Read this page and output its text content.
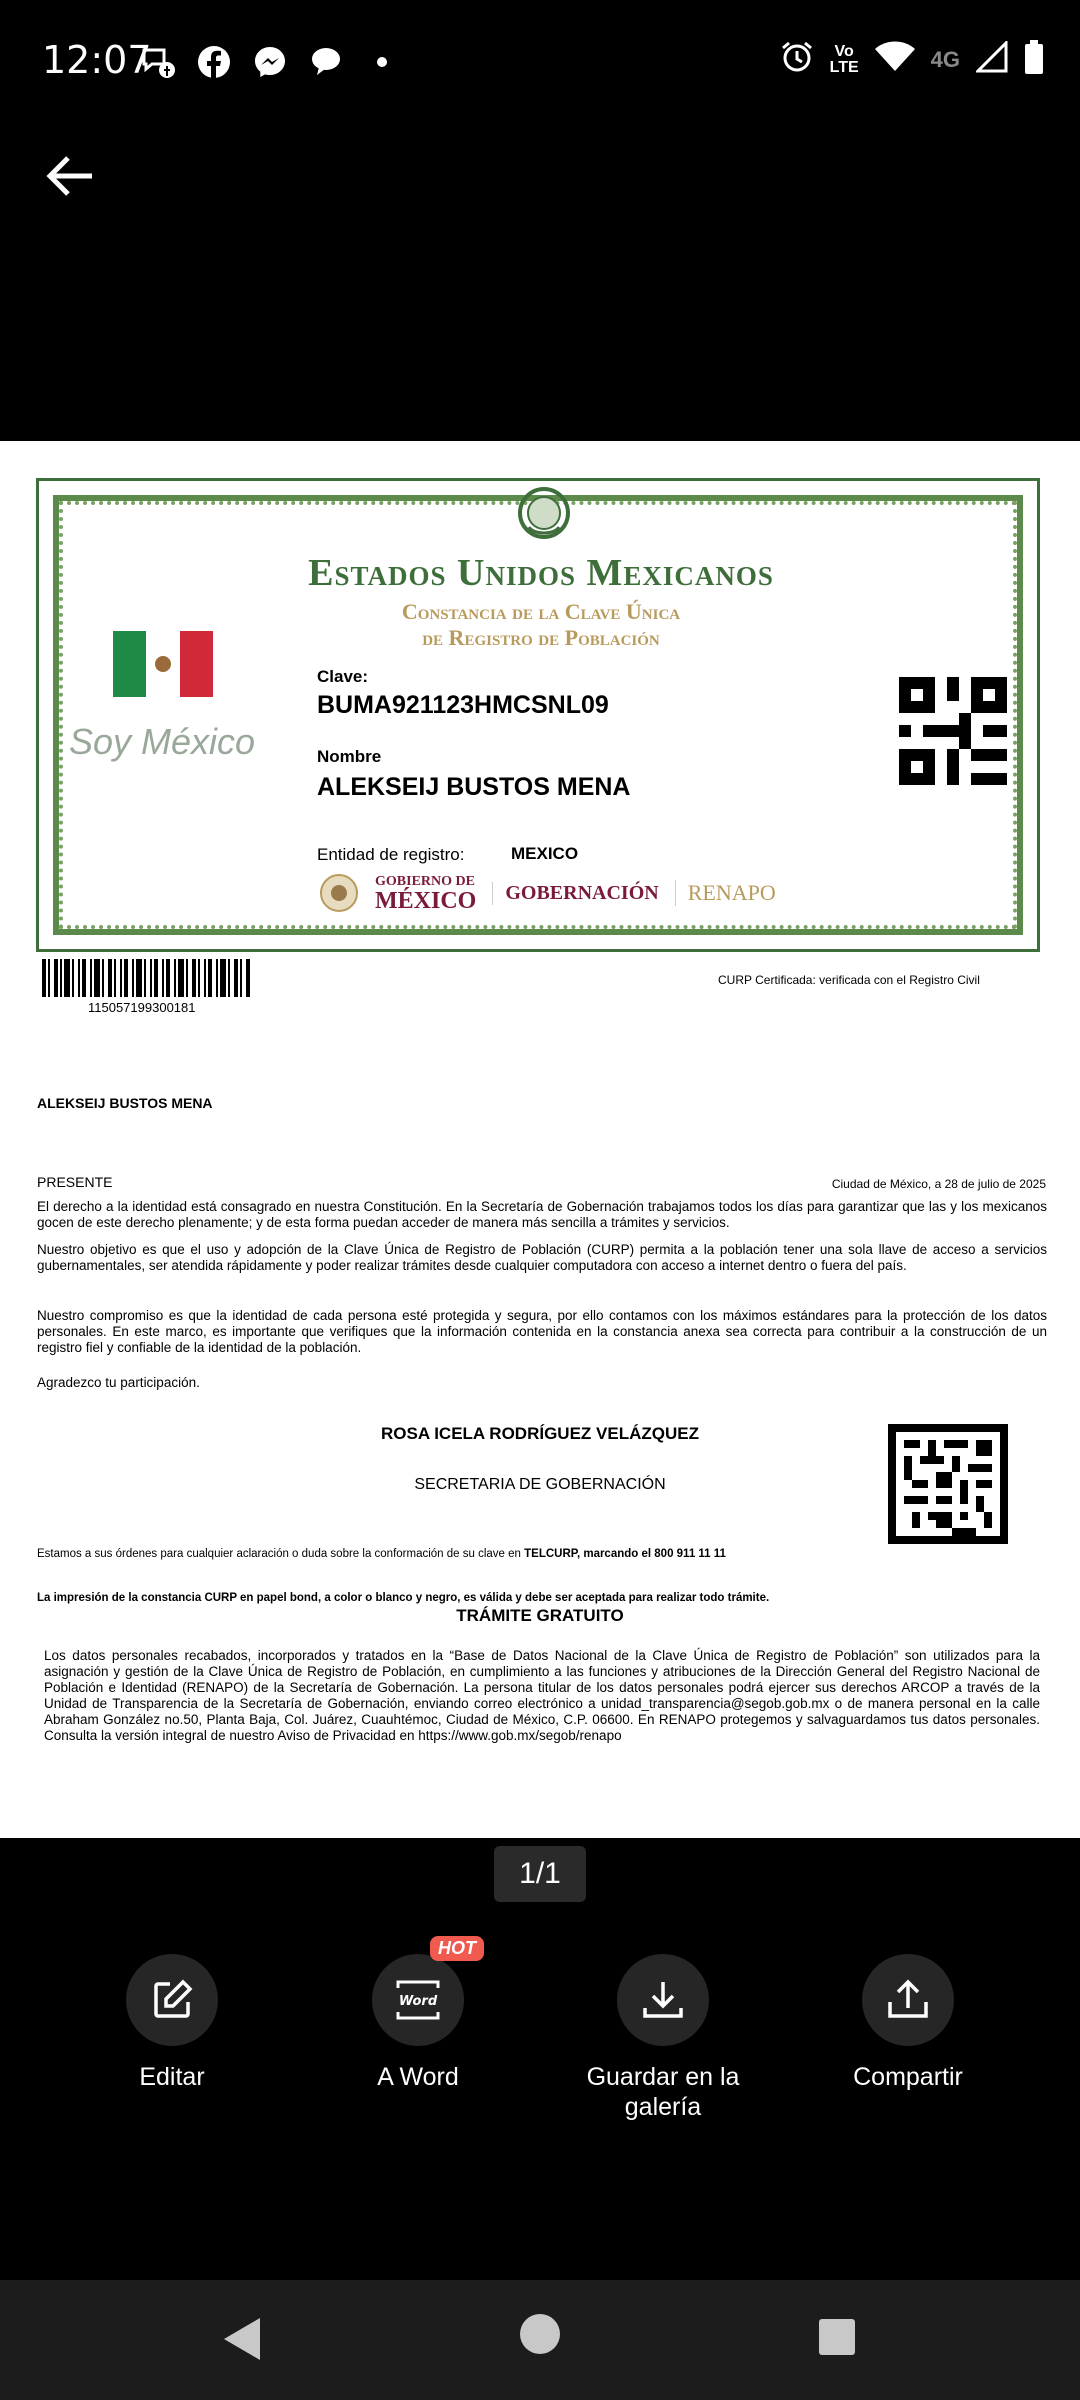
12:07	Vo
LTE	4G
Estados Unidos Mexicanos
Constancia de la Clave Única
de Registro de Población
Soy México
Clave:
BUMA921123HMCSNL09
Nombre
ALEKSEIJ BUSTOS MENA
Entidad de registro:	MEXICO
GOBIERNO DE
MÉXICO	GOBERNACIÓN	RENAPO
115057199300181
CURP Certificada: verificada con el Registro Civil
ALEKSEIJ BUSTOS MENA
PRESENTE	Ciudad de México, a 28 de julio de 2025
El derecho a la identidad está consagrado en nuestra Constitución. En la Secretaría de Gobernación trabajamos todos los días para garantizar que las y los mexicanos gocen de este derecho plenamente; y de esta forma puedan acceder de manera más sencilla a trámites y servicios.
Nuestro objetivo es que el uso y adopción de la Clave Única de Registro de Población (CURP) permita a la población tener una sola llave de acceso a servicios gubernamentales, ser atendida rápidamente y poder realizar trámites desde cualquier computadora con acceso a internet dentro o fuera del país.
Nuestro compromiso es que la identidad de cada persona esté protegida y segura, por ello contamos con los máximos estándares para la protección de los datos personales. En este marco, es importante que verifiques que la información contenida en la constancia anexa sea correcta para contribuir a la construcción de un registro fiel y confiable de la identidad de la población.
Agradezco tu participación.
ROSA ICELA RODRÍGUEZ VELÁZQUEZ
SECRETARIA DE GOBERNACIÓN
Estamos a sus órdenes para cualquier aclaración o duda sobre la conformación de su clave en TELCURP, marcando el 800 911 11 11
La impresión de la constancia CURP en papel bond, a color o blanco y negro, es válida y debe ser aceptada para realizar todo trámite.
TRÁMITE GRATUITO
Los datos personales recabados, incorporados y tratados en la “Base de Datos Nacional de la Clave Única de Registro de Población” son utilizados para la asignación y gestión de la Clave Única de Registro de Población, en cumplimiento a las funciones y atribuciones de la Dirección General del Registro Nacional de Población e Identidad (RENAPO) de la Secretaría de Gobernación. La persona titular de los datos personales podrá ejercer sus derechos ARCOP a través de la Unidad de Transparencia de la Secretaría de Gobernación, enviando correo electrónico a unidad_transparencia@segob.gob.mx o de manera personal en la calle Abraham González no.50, Planta Baja, Col. Juárez, Cuauhtémoc, Ciudad de México, C.P. 06600. En RENAPO protegemos y salvaguardamos tus datos personales. Consulta la versión integral de nuestro Aviso de Privacidad en https://www.gob.mx/segob/renapo
1/1
Editar
Word
HOT
A Word	Guardar en la galería
Compartir
